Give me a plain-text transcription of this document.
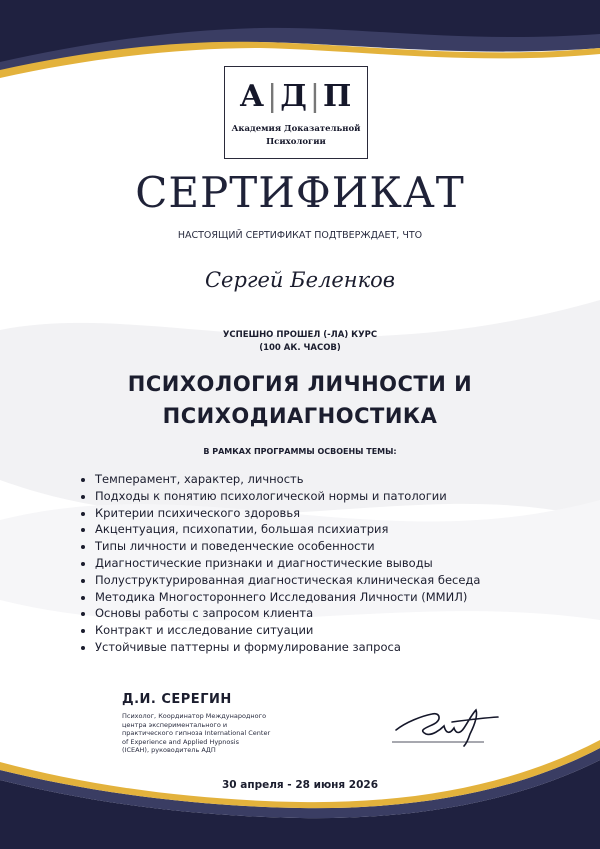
А|Д|П
Академия Доказательной
Психологии
СЕРТИФИКАТ
НАСТОЯЩИЙ СЕРТИФИКАТ ПОДТВЕРЖДАЕТ, ЧТО
Сергей Беленков
УСПЕШНО ПРОШЕЛ (-ЛА) КУРС
(100 АК. ЧАСОВ)
ПСИХОЛОГИЯ ЛИЧНОСТИ И
ПСИХОДИАГНОСТИКА
В РАМКАХ ПРОГРАММЫ ОСВОЕНЫ ТЕМЫ:
• Темперамент, характер, личность
• Подходы к понятию психологической нормы и патологии
• Критерии психического здоровья
• Акцентуация, психопатии, большая психиатрия
• Типы личности и поведенческие особенности
• Диагностические признаки и диагностические выводы
• Полуструктурированная диагностическая клиническая беседа
• Методика Многостороннего Исследования Личности (ММИЛ)
• Основы работы с запросом клиента
• Контракт и исследование ситуации
• Устойчивые паттерны и формулирование запроса
Д.И. СЕРЕГИН
Психолог, Координатор Международного
центра экспериментального и
практического гипноза International Center
of Experience and Applied Hypnosis
(ICEAH), руководитель АДП
30 апреля - 28 июня 2026
